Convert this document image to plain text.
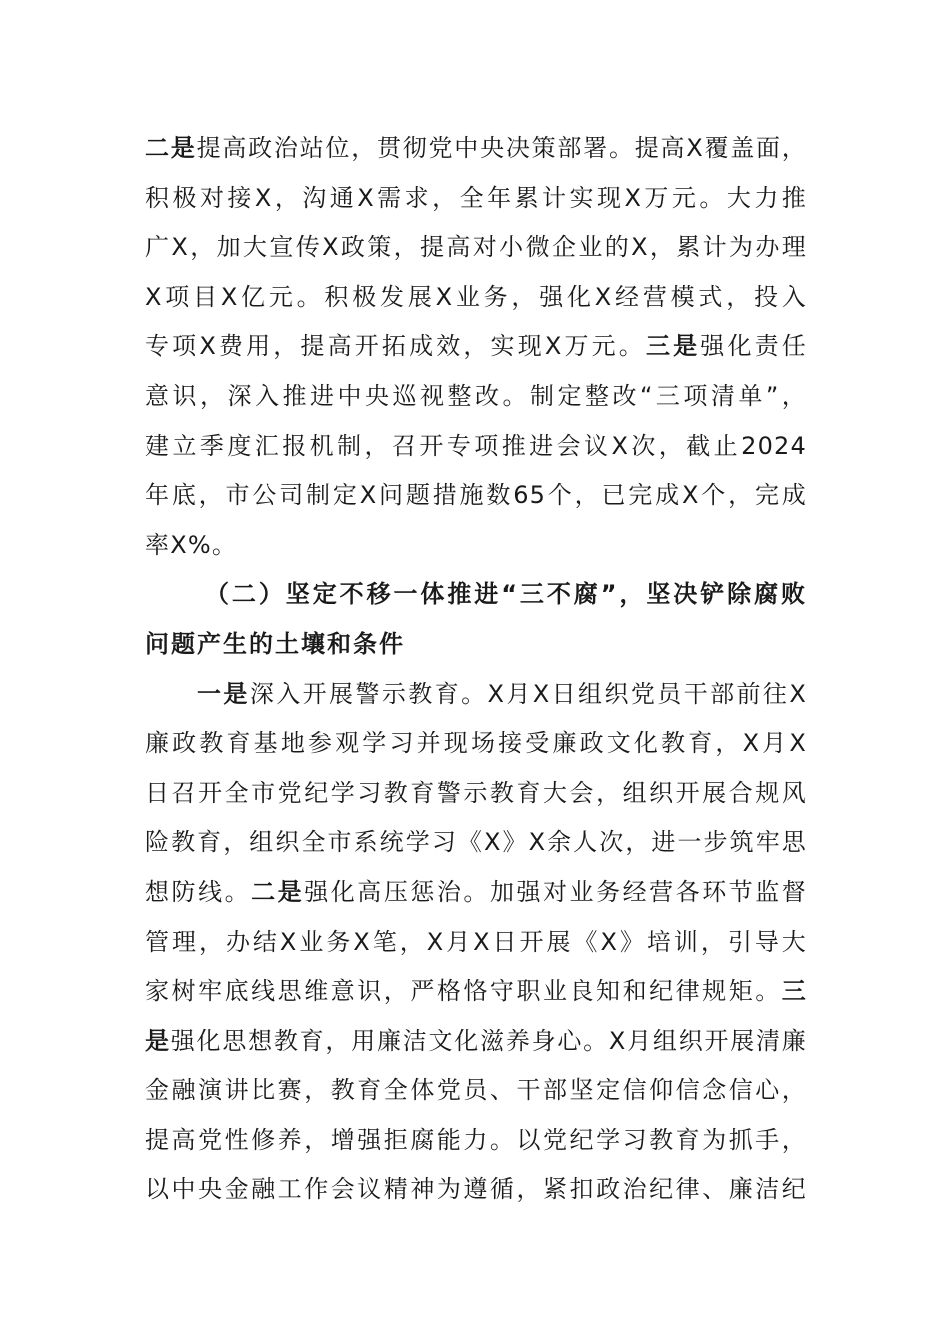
二是提高政治站位，贯彻党中央决策部署。提高X覆盖面，
积极对接X，沟通X需求，全年累计实现X万元。大力推
广X，加大宣传X政策，提高对小微企业的X，累计为办理
X项目X亿元。积极发展X业务，强化X经营模式，投入
专项X费用，提高开拓成效，实现X万元。三是强化责任
意识，深入推进中央巡视整改。制定整改“三项清单”，
建立季度汇报机制，召开专项推进会议X次，截止2024
年底，市公司制定X问题措施数65个，已完成X个，完成
率X%。
（二）坚定不移一体推进“三不腐”，坚决铲除腐败
问题产生的土壤和条件
一是深入开展警示教育。X月X日组织党员干部前往X
廉政教育基地参观学习并现场接受廉政文化教育，X月X
日召开全市党纪学习教育警示教育大会，组织开展合规风
险教育，组织全市系统学习《X》X余人次，进一步筑牢思
想防线。二是强化高压惩治。加强对业务经营各环节监督
管理，办结X业务X笔，X月X日开展《X》培训，引导大
家树牢底线思维意识，严格恪守职业良知和纪律规矩。三
是强化思想教育，用廉洁文化滋养身心。X月组织开展清廉
金融演讲比赛，教育全体党员、干部坚定信仰信念信心，
提高党性修养，增强拒腐能力。以党纪学习教育为抓手，
以中央金融工作会议精神为遵循，紧扣政治纪律、廉洁纪
